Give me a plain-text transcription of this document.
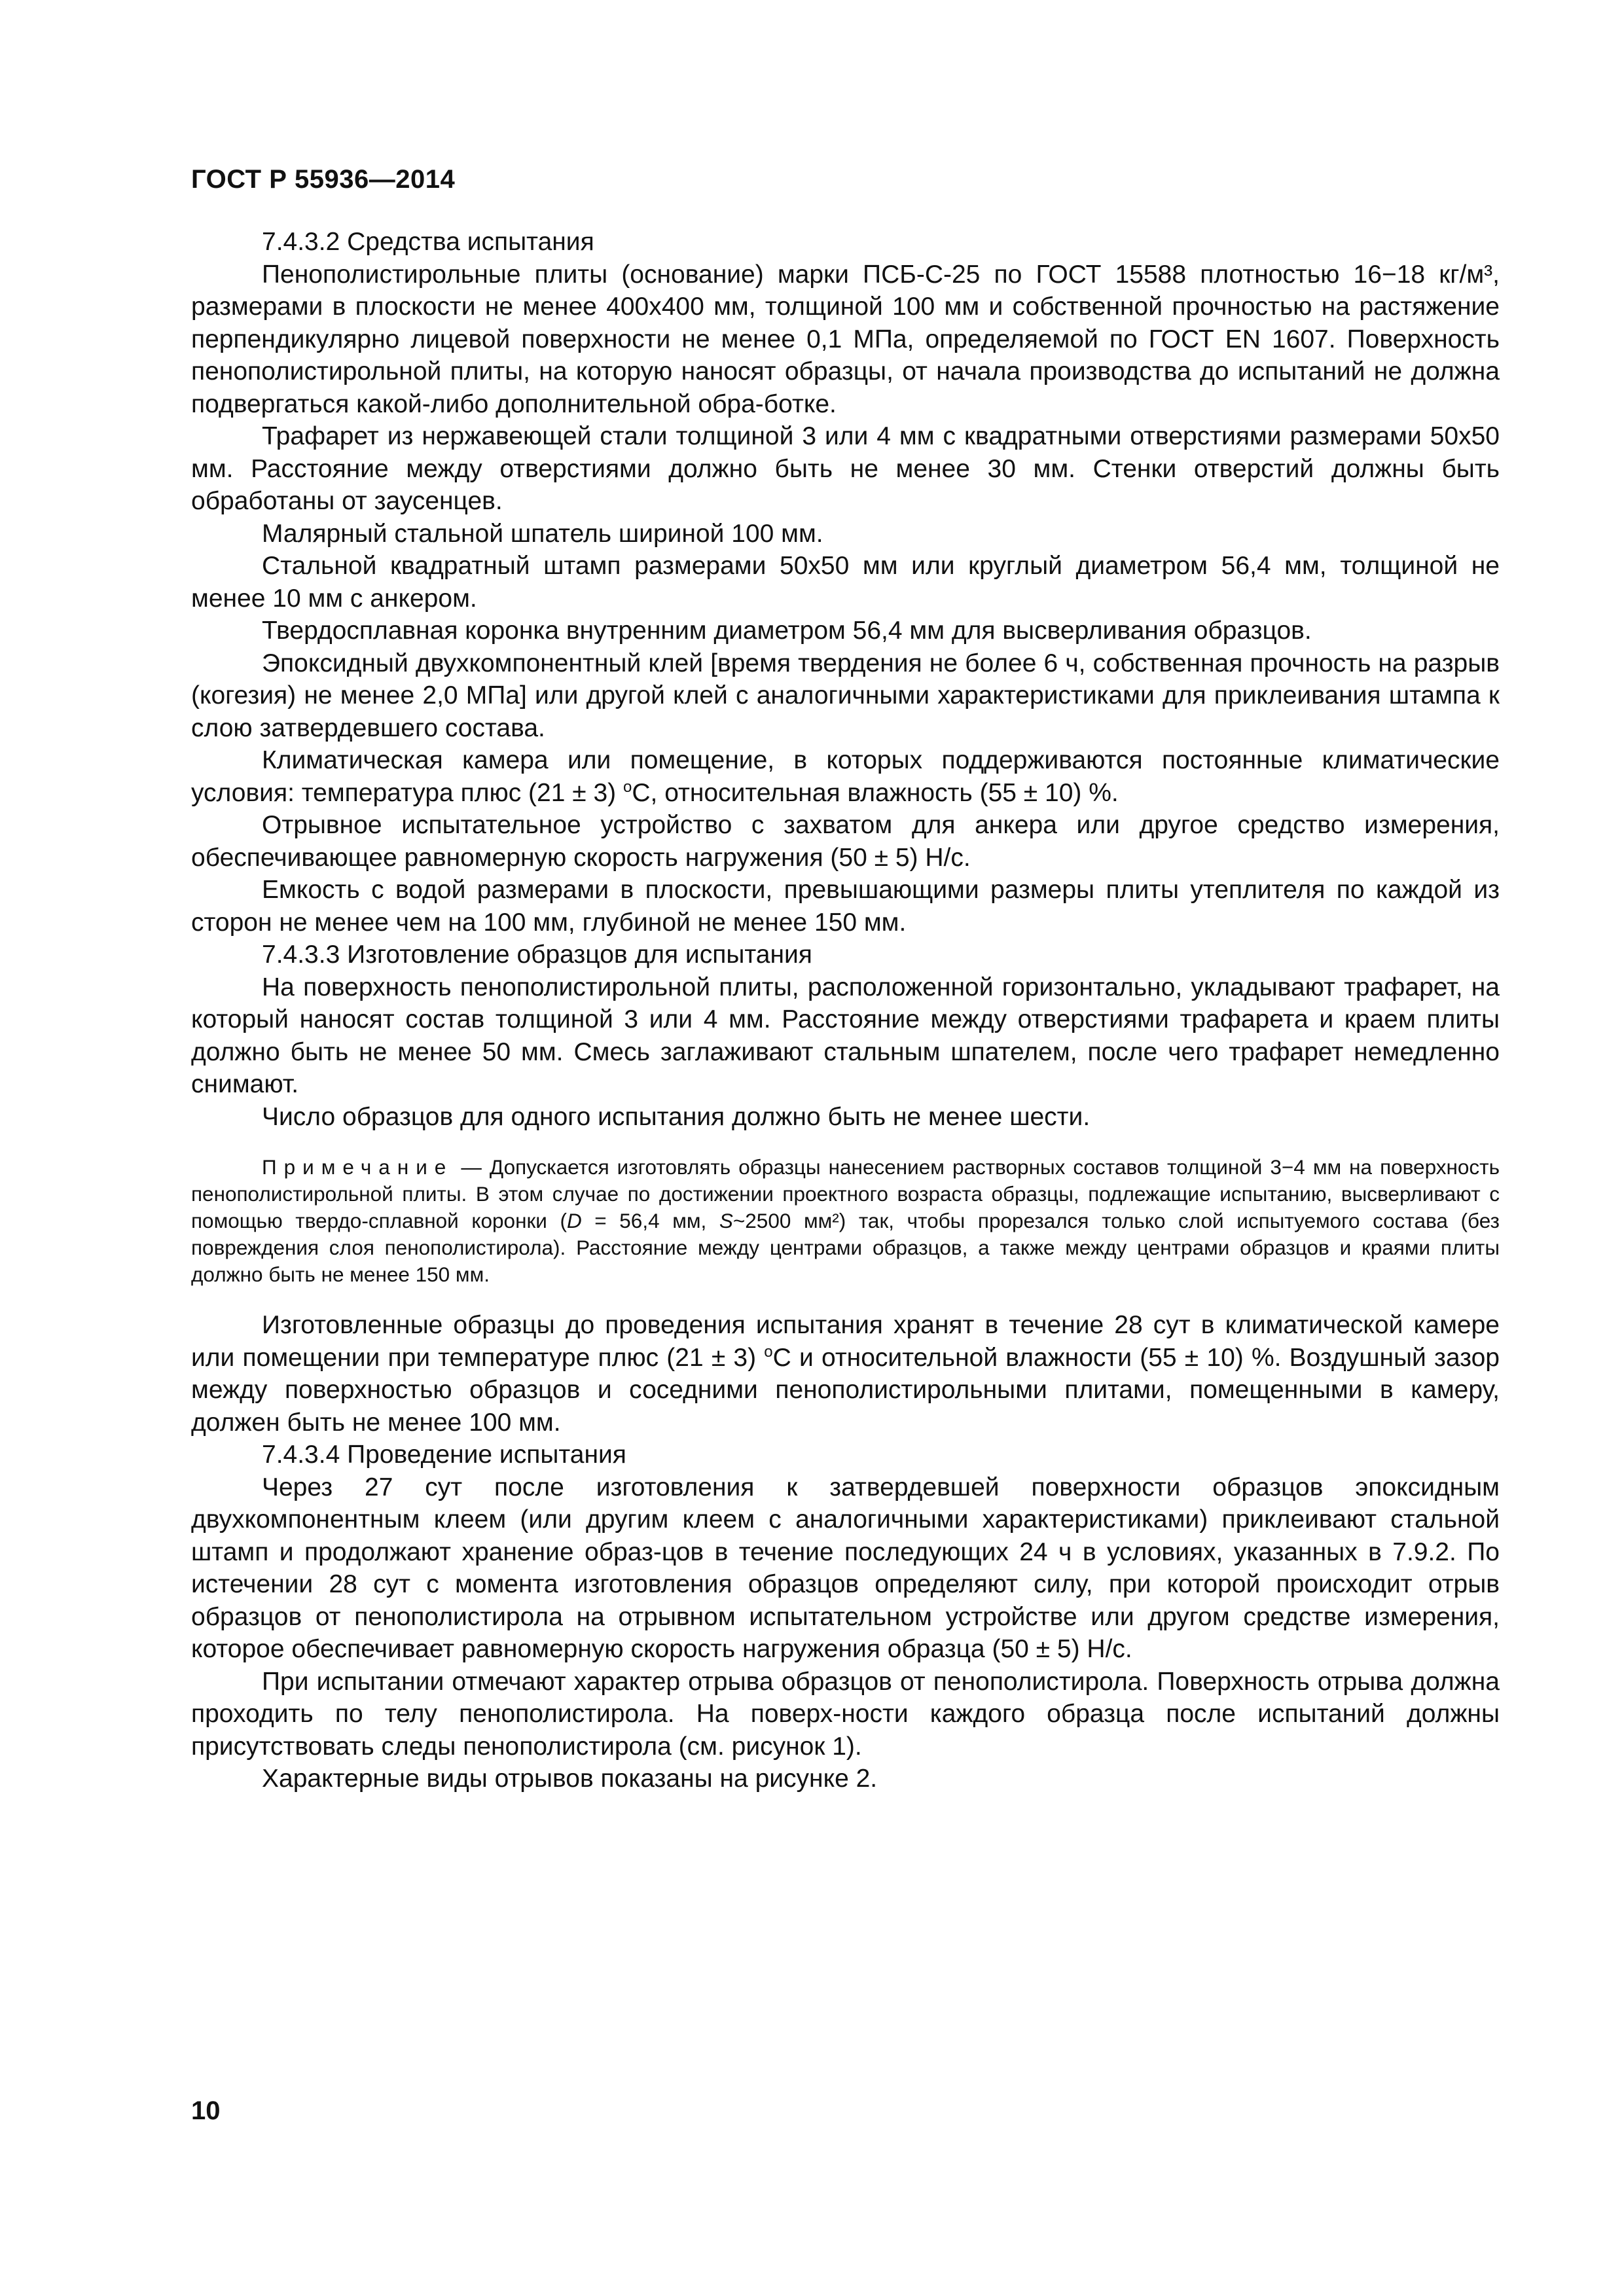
ГОСТ Р 55936—2014

7.4.3.2 Средства испытания

Пенополистирольные плиты (основание) марки ПСБ-С-25 по ГОСТ 15588 плотностью 16−18 кг/м³, размерами в плоскости не менее 400х400 мм, толщиной 100 мм и собственной прочностью на растяжение перпендикулярно лицевой поверхности не менее 0,1 МПа, определяемой по ГОСТ EN 1607. Поверхность пенополистирольной плиты, на которую наносят образцы, от начала производства до испытаний не должна подвергаться какой-либо дополнительной обра-ботке.

Трафарет из нержавеющей стали толщиной 3 или 4 мм с квадратными отверстиями размерами 50х50 мм. Расстояние между отверстиями должно быть не менее 30 мм. Стенки отверстий должны быть обработаны от заусенцев.

Малярный стальной шпатель шириной 100 мм.

Стальной квадратный штамп размерами 50х50 мм или круглый диаметром 56,4 мм, толщиной не менее 10 мм с анкером.

Твердосплавная коронка внутренним диаметром 56,4 мм для высверливания образцов.

Эпоксидный двухкомпонентный клей [время твердения не более 6 ч, собственная прочность на разрыв (когезия) не менее 2,0 МПа] или другой клей с аналогичными характеристиками для приклеивания штампа к слою затвердевшего состава.

Климатическая камера или помещение, в которых поддерживаются постоянные климатические условия: температура плюс (21 ± 3) $^o$С, относительная влажность (55 ± 10) %.

Отрывное испытательное устройство с захватом для анкера или другое средство измерения, обеспечивающее равномерную скорость нагружения (50 ± 5) Н/с.

Емкость с водой размерами в плоскости, превышающими размеры плиты утеплителя по каждой из сторон не менее чем на 100 мм, глубиной не менее 150 мм.

7.4.3.3 Изготовление образцов для испытания

На поверхность пенополистирольной плиты, расположенной горизонтально, укладывают трафарет, на который наносят состав толщиной 3 или 4 мм. Расстояние между отверстиями трафарета и краем плиты должно быть не менее 50 мм. Смесь заглаживают стальным шпателем, после чего трафарет немедленно снимают.

Число образцов для одного испытания должно быть не менее шести.

Примечание — Допускается изготовлять образцы нанесением растворных составов толщиной 3−4 мм на поверхность пенополистирольной плиты. В этом случае по достижении проектного возраста образцы, подлежащие испытанию, высверливают с помощью твердо-сплавной коронки (D = 56,4 мм, S~2500 мм²) так, чтобы прорезался только слой испытуемого состава (без повреждения слоя пенополистирола). Расстояние между центрами образцов, а также между центрами образцов и краями плиты должно быть не менее 150 мм.

Изготовленные образцы до проведения испытания хранят в течение 28 сут в климатической камере или помещении при температуре плюс (21 ± 3) $^o$С и относительной влажности (55 ± 10) %. Воздушный зазор между поверхностью образцов и соседними пенополистирольными плитами, помещенными в камеру, должен быть не менее 100 мм.

7.4.3.4 Проведение испытания

Через 27 сут после изготовления к затвердевшей поверхности образцов эпоксидным двухкомпонентным клеем (или другим клеем с аналогичными характеристиками) приклеивают стальной штамп и продолжают хранение образ-цов в течение последующих 24 ч в условиях, указанных в 7.9.2. По истечении 28 сут с момента изготовления образцов определяют силу, при которой происходит отрыв образцов от пенополистирола на отрывном испытательном устройстве или другом средстве измерения, которое обеспечивает равномерную скорость нагружения образца (50 ± 5) Н/с.

При испытании отмечают характер отрыва образцов от пенополистирола. Поверхность отрыва должна проходить по телу пенополистирола. На поверх-ности каждого образца после испытаний должны присутствовать следы пенополистирола (см. рисунок 1).

Характерные виды отрывов показаны на рисунке 2.

10
